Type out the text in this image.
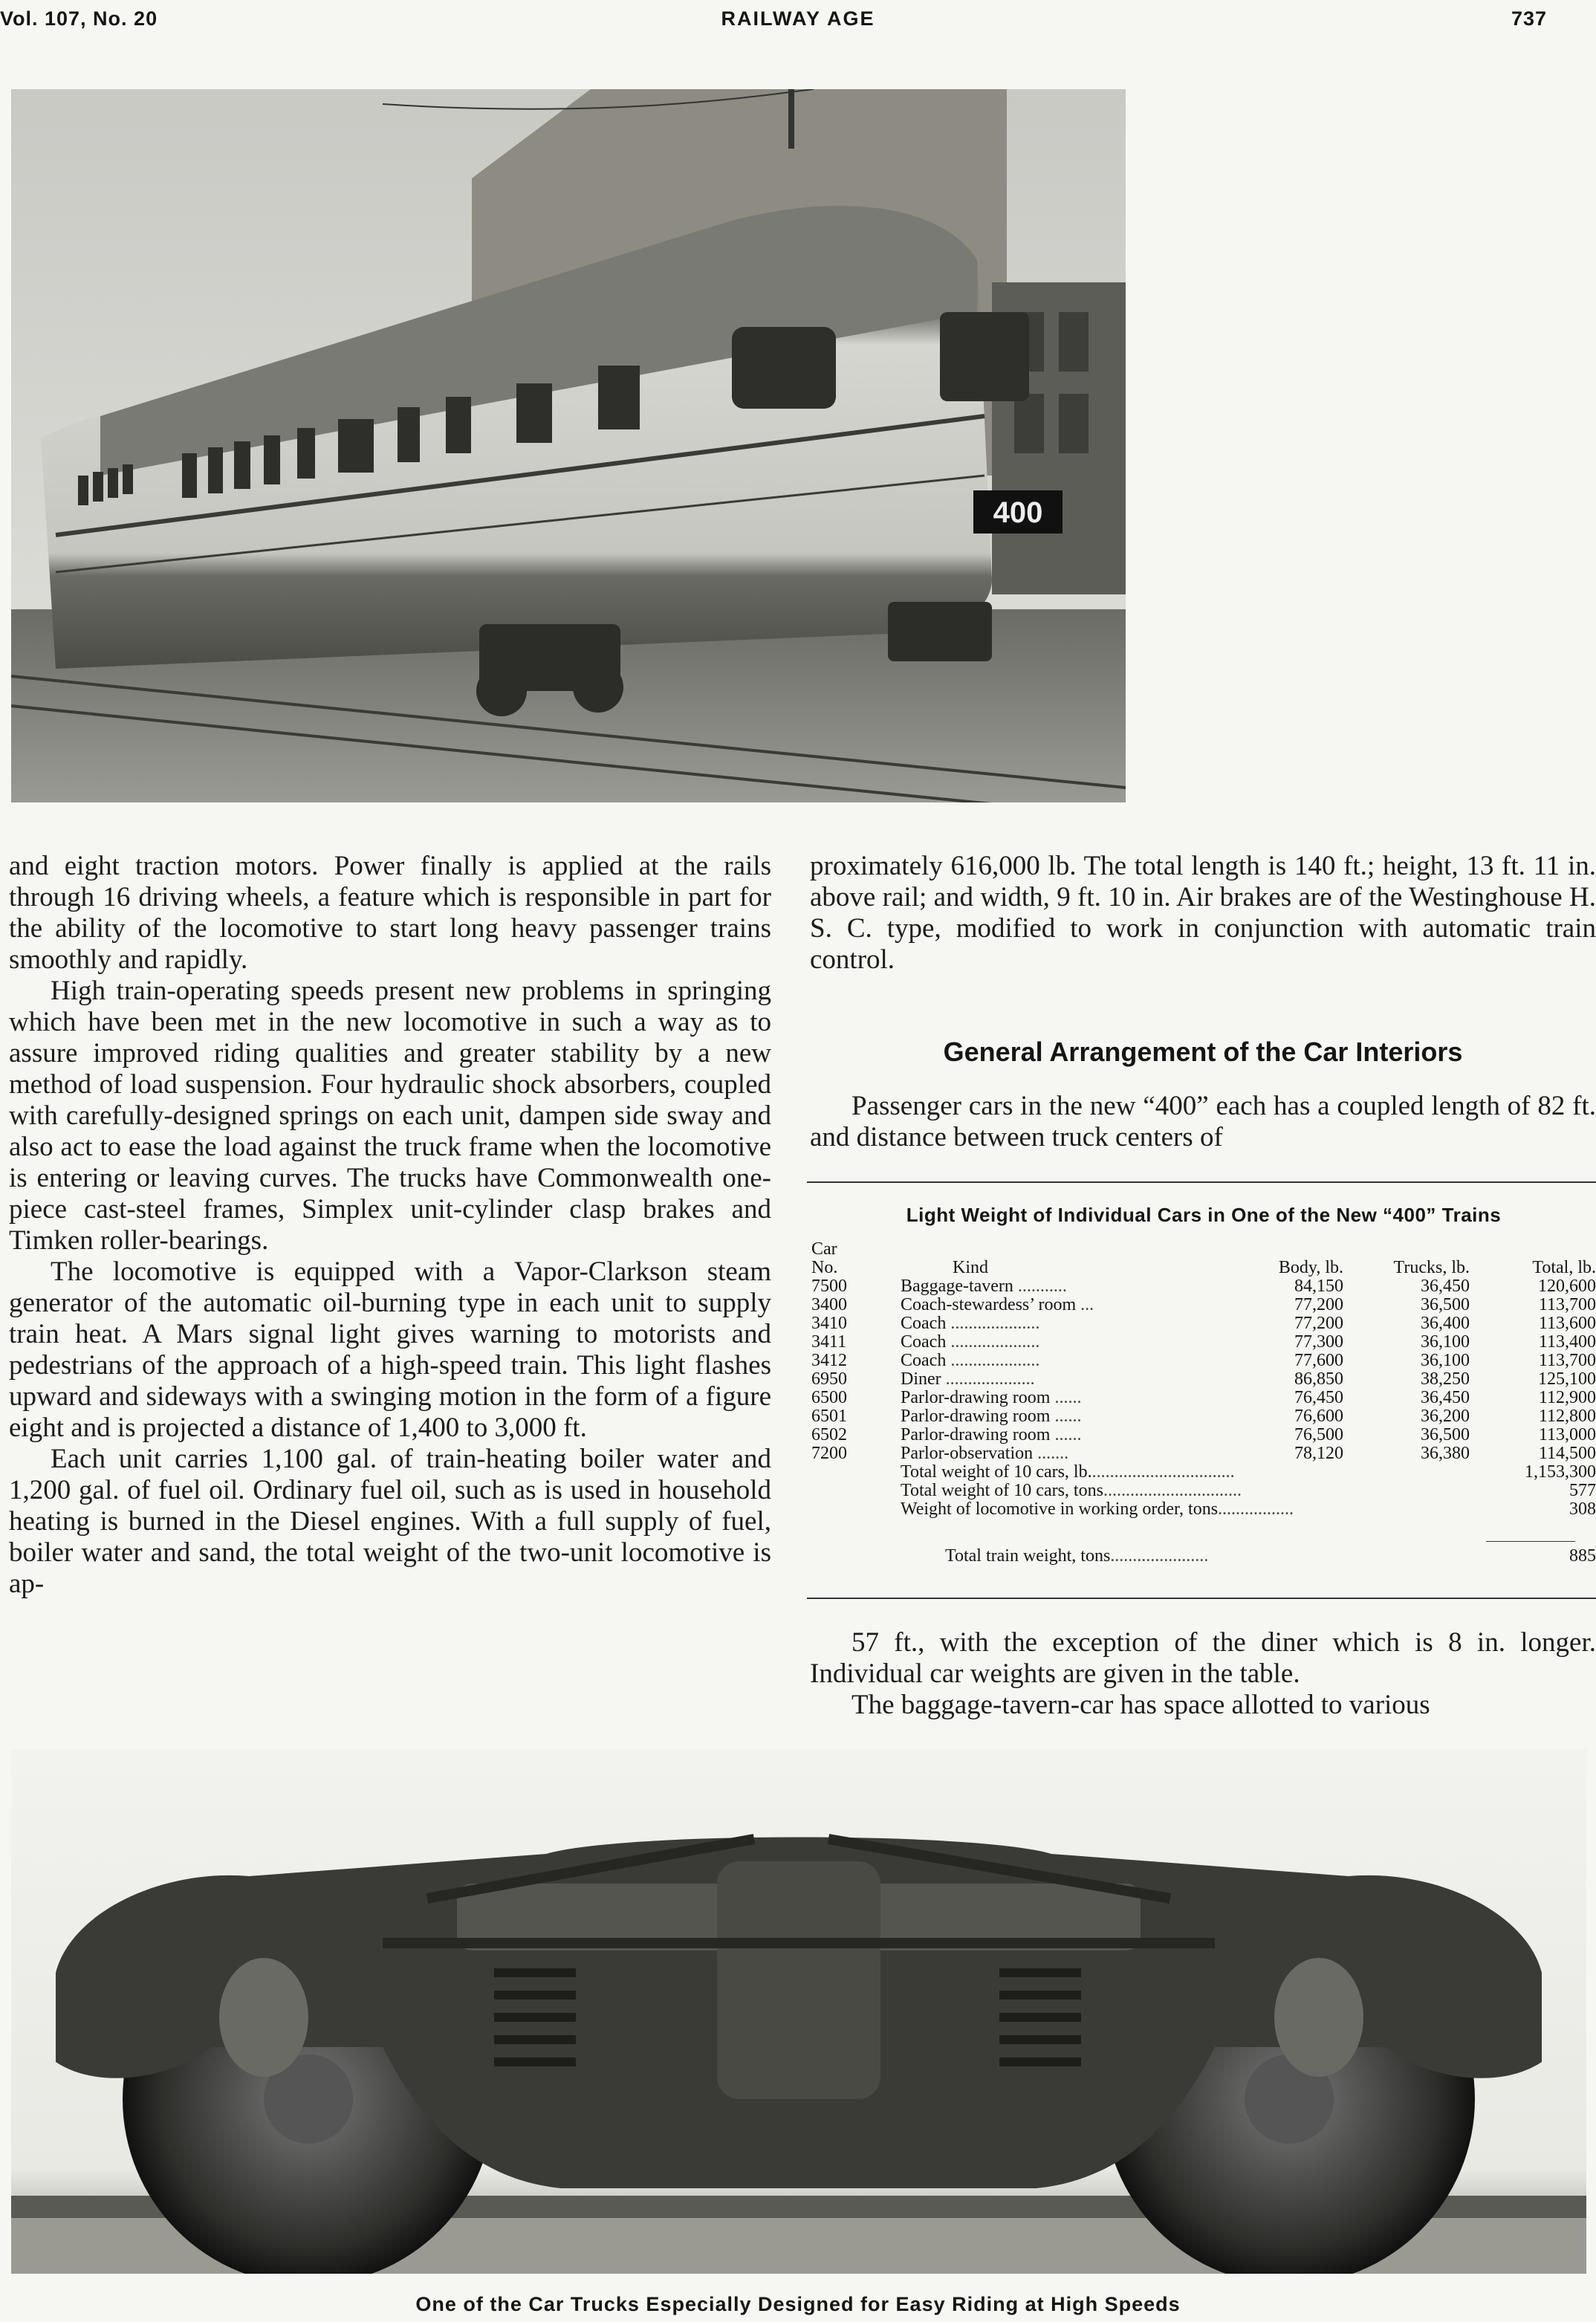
Vol. 107, No. 20	RAILWAY AGE	737
400

and eight traction motors. Power finally is applied at the rails through 16 driving wheels, a feature which is responsible in part for the ability of the locomotive to start long heavy passenger trains smoothly and rapidly.

High train-operating speeds present new problems in springing which have been met in the new locomotive in such a way as to assure improved riding qualities and greater stability by a new method of load suspension. Four hydraulic shock absorbers, coupled with carefully-designed springs on each unit, dampen side sway and also act to ease the load against the truck frame when the locomotive is entering or leaving curves. The trucks have Commonwealth one-piece cast-steel frames, Simplex unit-cylinder clasp brakes and Timken roller-bearings.

The locomotive is equipped with a Vapor-Clarkson steam generator of the automatic oil-burning type in each unit to supply train heat. A Mars signal light gives warning to motorists and pedestrians of the approach of a high-speed train. This light flashes upward and sideways with a swinging motion in the form of a figure eight and is projected a distance of 1,400 to 3,000 ft.

Each unit carries 1,100 gal. of train-heating boiler water and 1,200 gal. of fuel oil. Ordinary fuel oil, such as is used in household heating is burned in the Diesel engines. With a full supply of fuel, boiler water and sand, the total weight of the two-unit locomotive is ap-

proximately 616,000 lb. The total length is 140 ft.; height, 13 ft. 11 in. above rail; and width, 9 ft. 10 in. Air brakes are of the Westinghouse H. S. C. type, modified to work in conjunction with automatic train control.

General Arrangement of the Car Interiors

Passenger cars in the new “400” each has a coupled length of 82 ft. and distance between truck centers of

Light Weight of Individual Cars in One of the New “400” Trains
Car
No.	Kind	Body, lb.	Trucks, lb.	Total, lb.
7500	Baggage-tavern ...........	84,150	36,450	120,600
3400	Coach-stewardess’ room ...	77,200	36,500	113,700
3410	Coach ....................	77,200	36,400	113,600
3411	Coach ....................	77,300	36,100	113,400
3412	Coach ....................	77,600	36,100	113,700
6950	Diner ....................	86,850	38,250	125,100
6500	Parlor-drawing room ......	76,450	36,450	112,900
6501	Parlor-drawing room ......	76,600	36,200	112,800
6502	Parlor-drawing room ......	76,500	36,500	113,000
7200	Parlor-observation .......	78,120	36,380	114,500
	Total weight of 10 cars, lb.................................			1,153,300
	Total weight of 10 cars, tons...............................			577
	Weight of locomotive in working order, tons.................			308
	Total train weight, tons......................			885

57 ft., with the exception of the diner which is 8 in. longer. Individual car weights are given in the table.

The baggage-tavern-car has space allotted to various

One of the Car Trucks Especially Designed for Easy Riding at High Speeds
